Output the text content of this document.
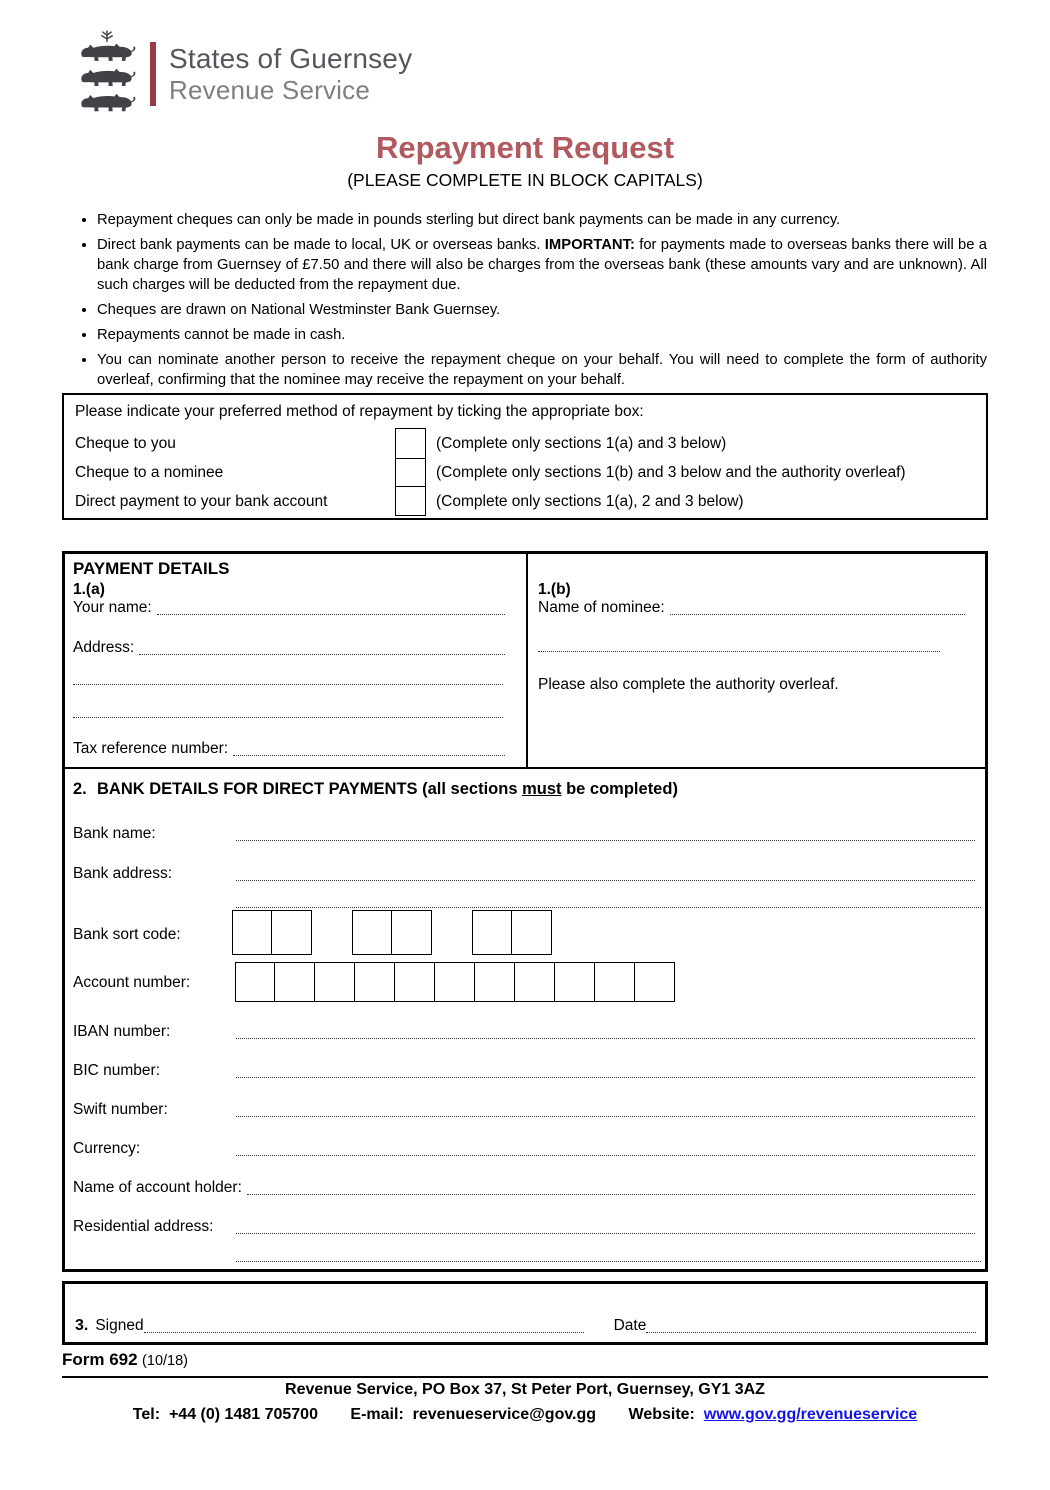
States of Guernsey
Revenue Service
Repayment Request
(PLEASE COMPLETE IN BLOCK CAPITALS)
• Repayment cheques can only be made in pounds sterling but direct bank payments can be made in any currency.
• Direct bank payments can be made to local, UK or overseas banks. IMPORTANT: for payments made to overseas banks there will be a bank charge from Guernsey of £7.50 and there will also be charges from the overseas bank (these amounts vary and are unknown). All such charges will be deducted from the repayment due.
• Cheques are drawn on National Westminster Bank Guernsey.
• Repayments cannot be made in cash.
• You can nominate another person to receive the repayment cheque on your behalf. You will need to complete the form of authority overleaf, confirming that the nominee may receive the repayment on your behalf.
Please indicate your preferred method of repayment by ticking the appropriate box:
Cheque to you
Cheque to a nominee
Direct payment to your bank account
(Complete only sections 1(a) and 3 below)
(Complete only sections 1(b) and 3 below and the authority overleaf)
(Complete only sections 1(a), 2 and 3 below)
PAYMENT DETAILS
1.(a)
Your name:
Address:
Tax reference number:
1.(b)
Name of nominee:
Please also complete the authority overleaf.
2. BANK DETAILS FOR DIRECT PAYMENTS (all sections must be completed)
Bank name:
Bank address:
Bank sort code:
Account number:
IBAN number:
BIC number:
Swift number:
Currency:
Name of account holder:
Residential address:
3. Signed	Date
Form 692 (10/18)
Revenue Service, PO Box 37, St Peter Port, Guernsey, GY1 3AZ
Tel: +44 (0) 1481 705700 E-mail: revenueservice@gov.gg Website: www.gov.gg/revenueservice
